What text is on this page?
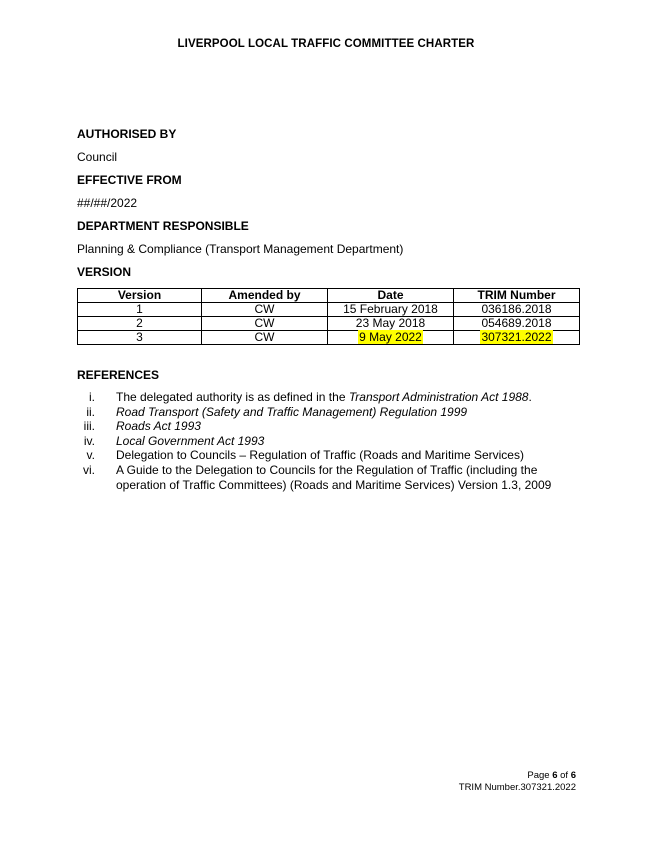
LIVERPOOL LOCAL TRAFFIC COMMITTEE CHARTER
AUTHORISED BY
Council
EFFECTIVE FROM
##/##/2022
DEPARTMENT RESPONSIBLE
Planning & Compliance (Transport Management Department)
VERSION
Version	Amended by	Date	TRIM Number
1	CW	15 February 2018	036186.2018
2	CW	23 May 2018	054689.2018
3	CW	9 May 2022	307321.2022
REFERENCES
i. The delegated authority is as defined in the Transport Administration Act 1988.
ii. Road Transport (Safety and Traffic Management) Regulation 1999
iii. Roads Act 1993
iv. Local Government Act 1993
v. Delegation to Councils – Regulation of Traffic (Roads and Maritime Services)
vi. A Guide to the Delegation to Councils for the Regulation of Traffic (including the operation of Traffic Committees) (Roads and Maritime Services) Version 1.3, 2009
Page 6 of 6
TRIM Number.307321.2022
